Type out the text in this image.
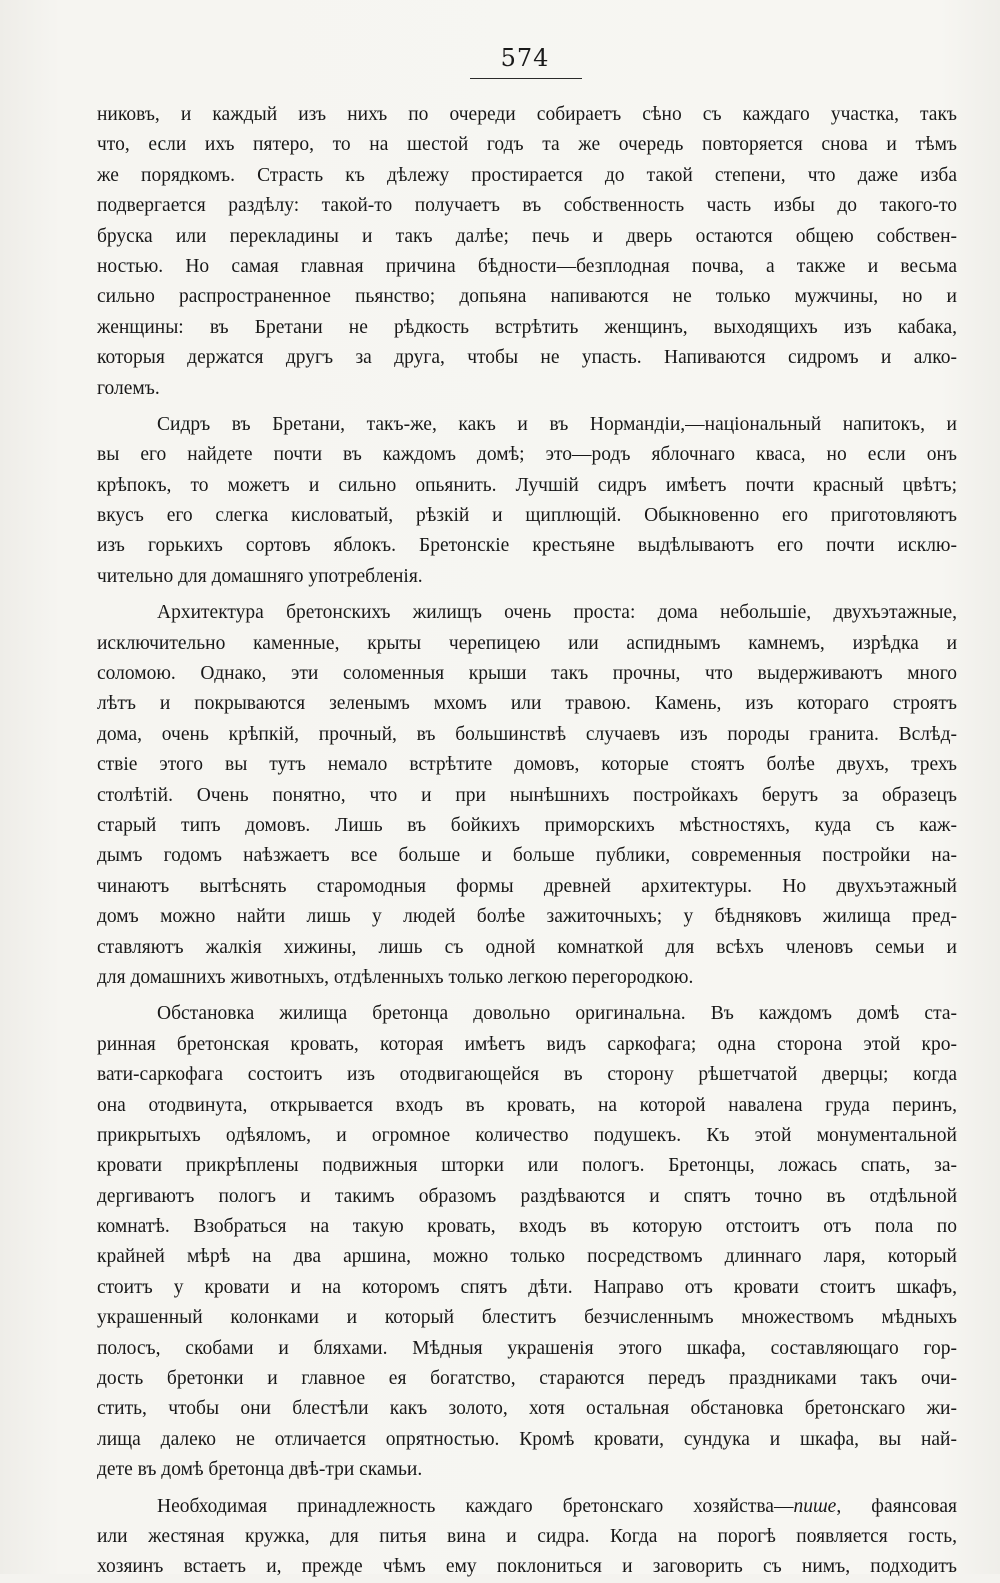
574
никовъ, и каждый изъ нихъ по очереди собираетъ сѣно съ каждаго участка, такъ
что, если ихъ пятеро, то на шестой годъ та же очередь повторяется снова и тѣмъ
же порядкомъ. Страсть къ дѣлежу простирается до такой степени, что даже изба
подвергается раздѣлу: такой-то получаетъ въ собственность часть избы до такого-то
бруска или перекладины и такъ далѣе; печь и дверь остаются общею собствен-
ностью. Но самая главная причина бѣдности—безплодная почва, а также и весьма
сильно распространенное пьянство; допьяна напиваются не только мужчины, но и
женщины: въ Бретани не рѣдкость встрѣтить женщинъ, выходящихъ изъ кабака,
которыя держатся другъ за друга, чтобы не упасть. Напиваются сидромъ и алко-
големъ.
Сидръ въ Бретани, такъ-же, какъ и въ Нормандіи,—національный напитокъ, и
вы его найдете почти въ каждомъ домѣ; это—родъ яблочнаго кваса, но если онъ
крѣпокъ, то можетъ и сильно опьянить. Лучшій сидръ имѣетъ почти красный цвѣтъ;
вкусъ его слегка кисловатый, рѣзкій и щиплющій. Обыкновенно его приготовляютъ
изъ горькихъ сортовъ яблокъ. Бретонскіе крестьяне выдѣлываютъ его почти исклю-
чительно для домашняго употребленія.
Архитектура бретонскихъ жилищъ очень проста: дома небольшіе, двухъэтажные,
исключительно каменные, крыты черепицею или аспиднымъ камнемъ, изрѣдка и
соломою. Однако, эти соломенныя крыши такъ прочны, что выдерживаютъ много
лѣтъ и покрываются зеленымъ мхомъ или травою. Камень, изъ котораго строятъ
дома, очень крѣпкій, прочный, въ большинствѣ случаевъ изъ породы гранита. Вслѣд-
ствіе этого вы тутъ немало встрѣтите домовъ, которые стоятъ болѣе двухъ, трехъ
столѣтій. Очень понятно, что и при нынѣшнихъ постройкахъ берутъ за образецъ
старый типъ домовъ. Лишь въ бойкихъ приморскихъ мѣстностяхъ, куда съ каж-
дымъ годомъ наѣзжаетъ все больше и больше публики, современныя постройки на-
чинаютъ вытѣснять старомодныя формы древней архитектуры. Но двухъэтажный
домъ можно найти лишь у людей болѣе зажиточныхъ; у бѣдняковъ жилища пред-
ставляютъ жалкія хижины, лишь съ одной комнаткой для всѣхъ членовъ семьи и
для домашнихъ животныхъ, отдѣленныхъ только легкою перегородкою.
Обстановка жилища бретонца довольно оригинальна. Въ каждомъ домѣ ста-
ринная бретонская кровать, которая имѣетъ видъ саркофага; одна сторона этой кро-
вати-саркофага состоитъ изъ отодвигающейся въ сторону рѣшетчатой дверцы; когда
она отодвинута, открывается входъ въ кровать, на которой навалена груда перинъ,
прикрытыхъ одѣяломъ, и огромное количество подушекъ. Къ этой монументальной
кровати прикрѣплены подвижныя шторки или пологъ. Бретонцы, ложась спать, за-
дергиваютъ пологъ и такимъ образомъ раздѣваются и спятъ точно въ отдѣльной
комнатѣ. Взобраться на такую кровать, входъ въ которую отстоитъ отъ пола по
крайней мѣрѣ на два аршина, можно только посредствомъ длиннаго ларя, который
стоитъ у кровати и на которомъ спятъ дѣти. Направо отъ кровати стоитъ шкафъ,
украшенный колонками и который блеститъ безчисленнымъ множествомъ мѣдныхъ
полосъ, скобами и бляхами. Мѣдныя украшенія этого шкафа, составляющаго гор-
дость бретонки и главное ея богатство, стараются передъ праздниками такъ очи-
стить, чтобы они блестѣли какъ золото, хотя остальная обстановка бретонскаго жи-
лища далеко не отличается опрятностью. Кромѣ кровати, сундука и шкафа, вы най-
дете въ домѣ бретонца двѣ-три скамьи.
Необходимая принадлежность каждаго бретонскаго хозяйства—пише, фаянсовая
или жестяная кружка, для питья вина и сидра. Когда на порогѣ появляется гость,
хозяинъ встаетъ и, прежде чѣмъ ему поклониться и заговорить съ нимъ, подходитъ
